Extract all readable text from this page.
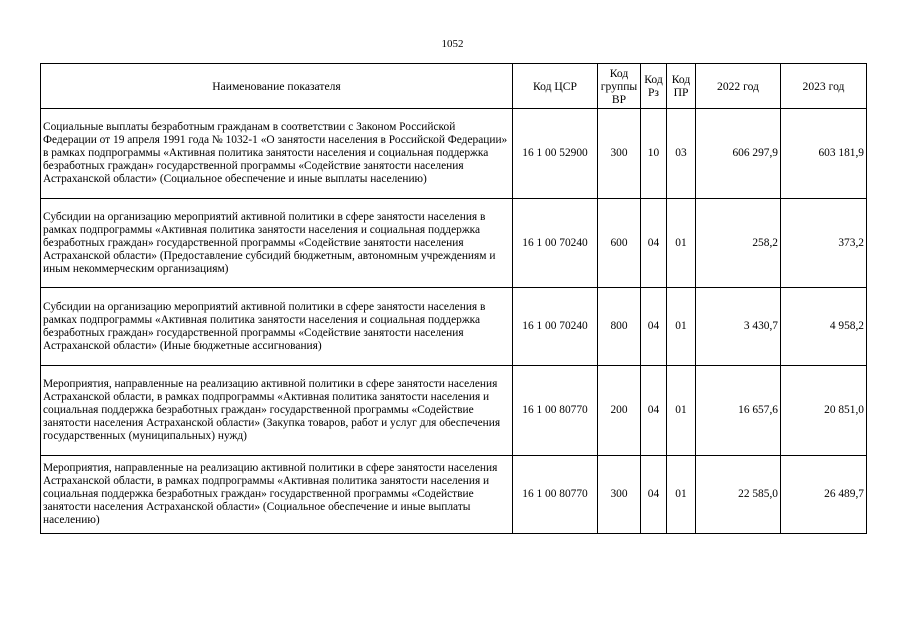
1052
Наименование показателя	Код ЦСР	Код группы ВР	Код Рз	Код ПР	2022 год	2023 год
Социальные выплаты безработным гражданам в соответствии с Законом Российской Федерации от 19 апреля 1991 года № 1032-1 «О занятости населения в Российской Федерации» в рамках подпрограммы «Активная политика занятости населения и социальная поддержка безработных граждан» государственной программы «Содействие занятости населения Астраханской области» (Социальное обеспечение и иные выплаты населению)	16 1 00 52900	300	10	03	606 297,9	603 181,9
Субсидии на организацию мероприятий активной политики в сфере занятости населения в рамках подпрограммы «Активная политика занятости населения и социальная поддержка безработных граждан» государственной программы «Содействие занятости населения Астраханской области» (Предоставление субсидий бюджетным, автономным учреждениям и иным некоммерческим организациям)	16 1 00 70240	600	04	01	258,2	373,2
Субсидии на организацию мероприятий активной политики в сфере занятости населения в рамках подпрограммы «Активная политика занятости населения и социальная поддержка безработных граждан» государственной программы «Содействие занятости населения Астраханской области» (Иные бюджетные ассигнования)	16 1 00 70240	800	04	01	3 430,7	4 958,2
Мероприятия, направленные на реализацию активной политики в сфере занятости населения Астраханской области, в рамках подпрограммы «Активная политика занятости населения и социальная поддержка безработных граждан» государственной программы «Содействие занятости населения Астраханской области» (Закупка товаров, работ и услуг для обеспечения государственных (муниципальных) нужд)	16 1 00 80770	200	04	01	16 657,6	20 851,0
Мероприятия, направленные на реализацию активной политики в сфере занятости населения Астраханской области, в рамках подпрограммы «Активная политика занятости населения и социальная поддержка безработных граждан» государственной программы «Содействие занятости населения Астраханской области» (Социальное обеспечение и иные выплаты населению)	16 1 00 80770	300	04	01	22 585,0	26 489,7
